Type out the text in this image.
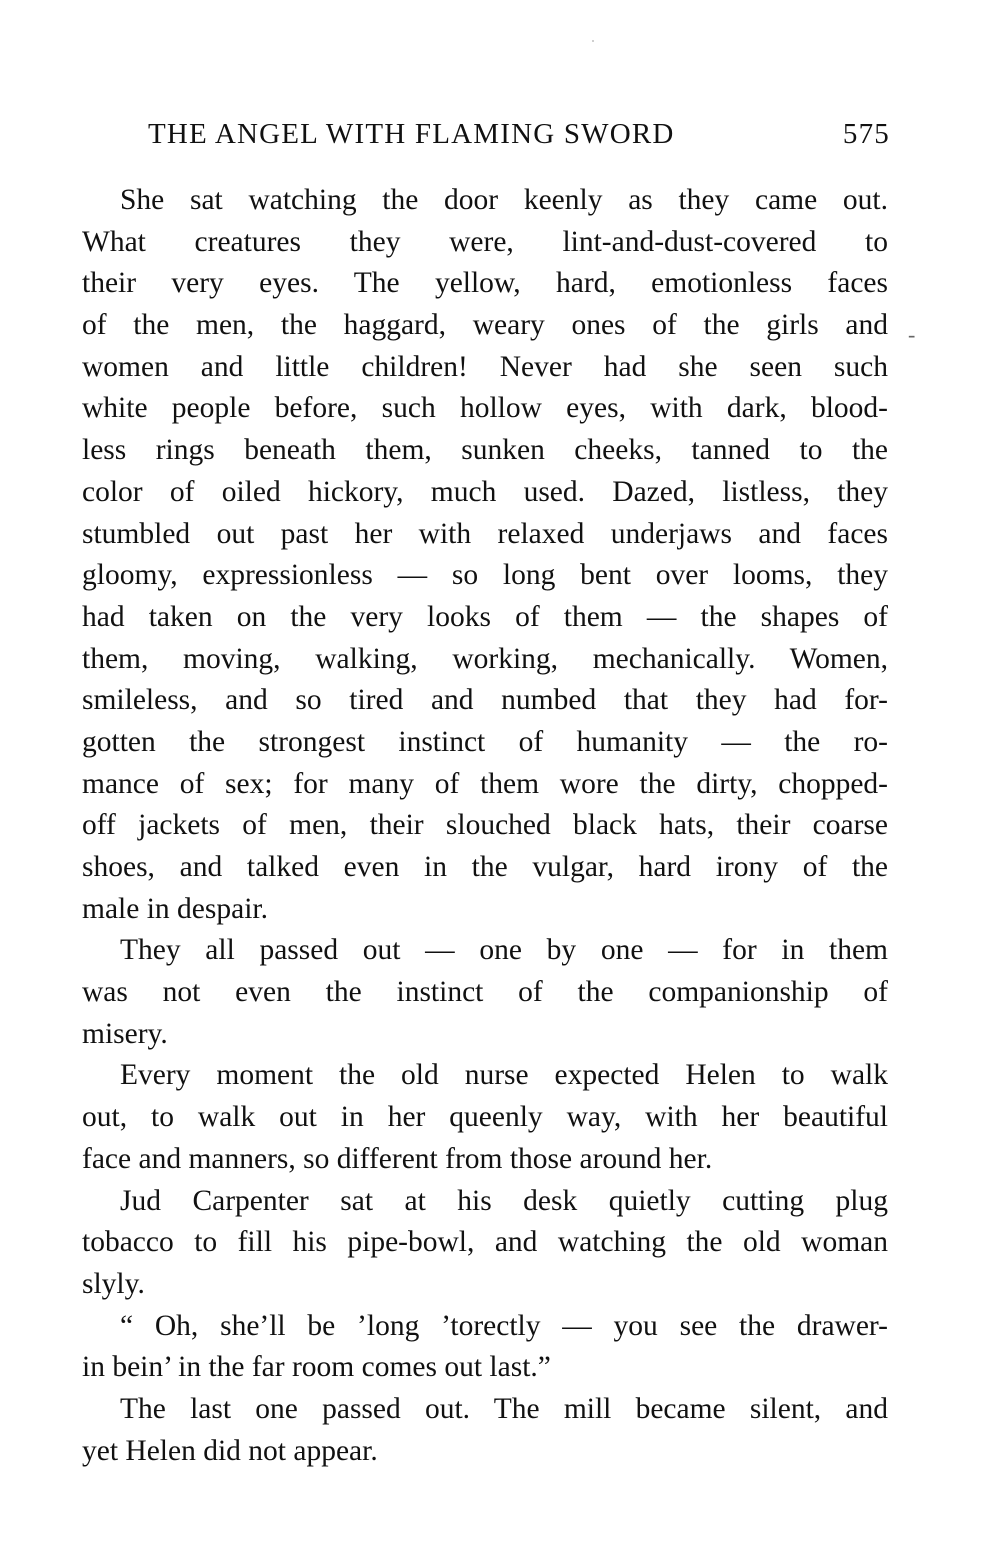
THE ANGEL WITH FLAMING SWORD	575
-
She sat watching the door keenly as they came out.
What creatures they were, lint-and-dust-covered to
their very eyes. The yellow, hard, emotionless faces
of the men, the haggard, weary ones of the girls and
women and little children! Never had she seen such
white people before, such hollow eyes, with dark, blood-
less rings beneath them, sunken cheeks, tanned to the
color of oiled hickory, much used. Dazed, listless, they
stumbled out past her with relaxed underjaws and faces
gloomy, expressionless — so long bent over looms, they
had taken on the very looks of them — the shapes of
them, moving, walking, working, mechanically. Women,
smileless, and so tired and numbed that they had for-
gotten the strongest instinct of humanity — the ro-
mance of sex; for many of them wore the dirty, chopped-
off jackets of men, their slouched black hats, their coarse
shoes, and talked even in the vulgar, hard irony of the
male in despair.
They all passed out — one by one — for in them
was not even the instinct of the companionship of
misery.
Every moment the old nurse expected Helen to walk
out, to walk out in her queenly way, with her beautiful
face and manners, so different from those around her.
Jud Carpenter sat at his desk quietly cutting plug
tobacco to fill his pipe-bowl, and watching the old woman
slyly.
“ Oh, she’ll be ’long ’torectly — you see the drawer-
in bein’ in the far room comes out last.”
The last one passed out. The mill became silent, and
yet Helen did not appear.
